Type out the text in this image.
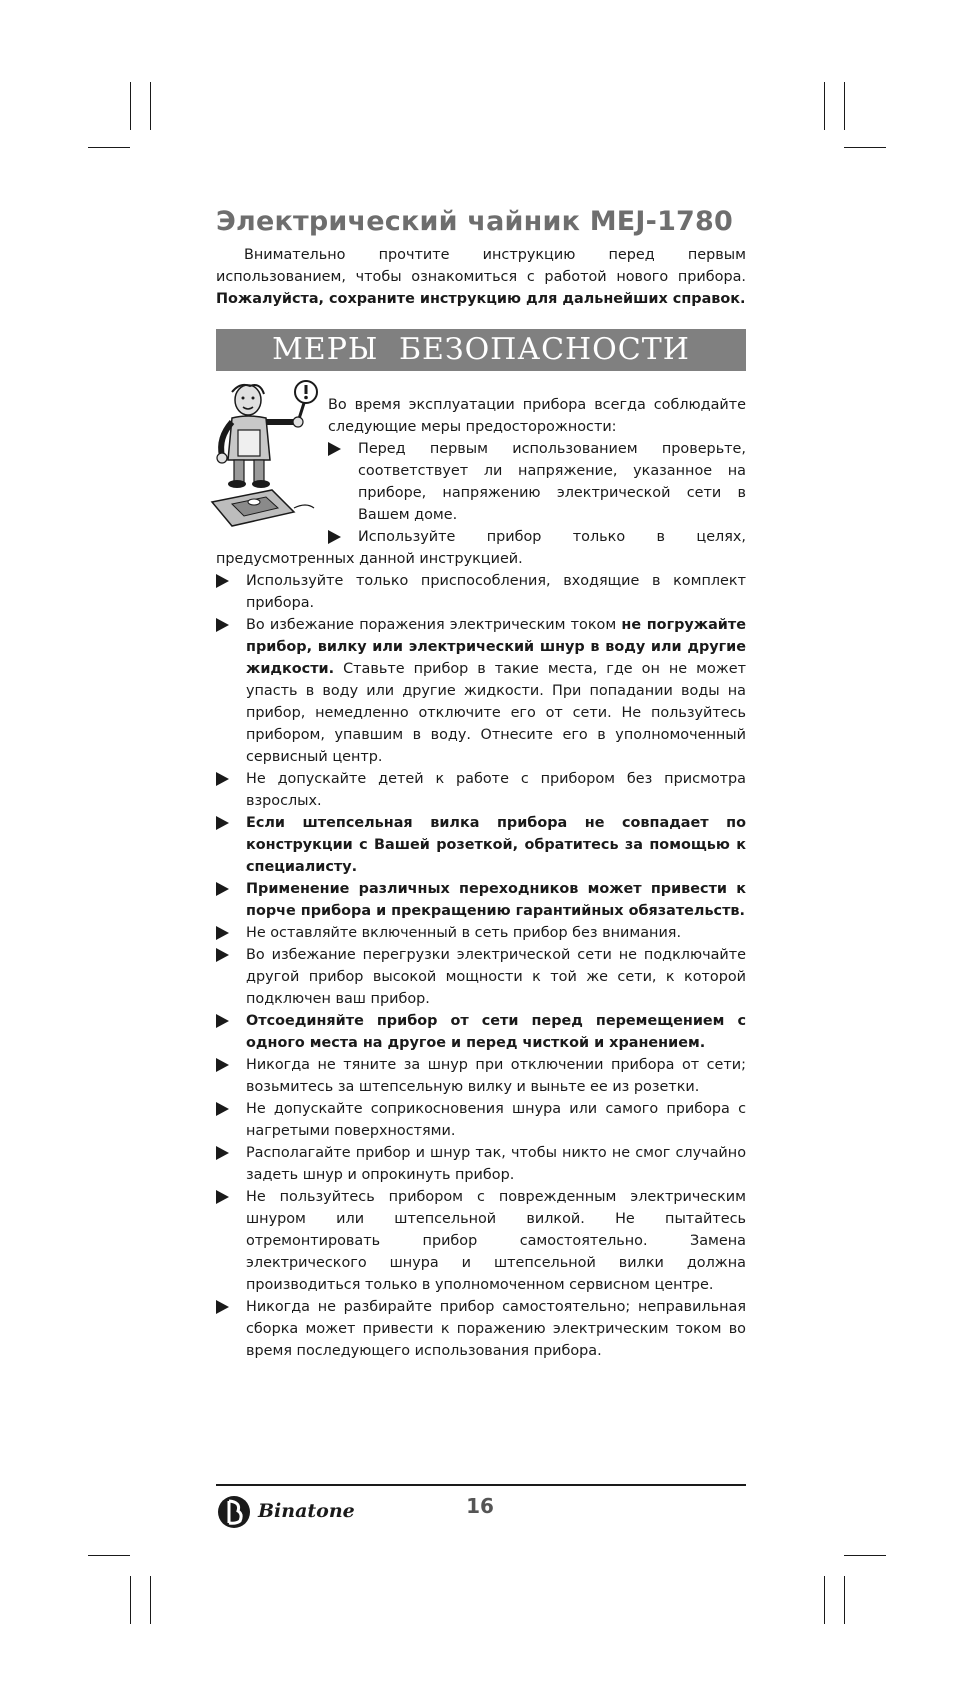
Электрический чайник MEJ-1780
Внимательно прочтите инструкцию перед первым использованием, чтобы ознакомиться с работой нового прибора. Пожалуйста, сохраните инструкцию для дальнейших справок.
МЕРЫ БЕЗОПАСНОСТИ
Во время эксплуатации прибора всегда соблюдайте следующие меры предосторожности:
Перед первым использованием проверьте, соответствует ли напряжение, указанное на приборе, напряжению электрической сети в Вашем доме.
Используйте прибор только в целях, предусмотренных данной инструкцией.
Используйте только приспособления, входящие в комплект прибора.
Во избежание поражения электрическим током не погружайте прибор, вилку или электрический шнур в воду или другие жидкости. Ставьте прибор в такие места, где он не может упасть в воду или другие жидкости. При попадании воды на прибор, немедленно отключите его от сети. Не пользуйтесь прибором, упавшим в воду. Отнесите его в уполномоченный сервисный центр.
Не допускайте детей к работе с прибором без присмотра взрослых.
Если штепсельная вилка прибора не совпадает по конструкции с Вашей розеткой, обратитесь за помощью к специалисту.
Применение различных переходников может привести к порче прибора и прекращению гарантийных обязательств.
Не оставляйте включенный в сеть прибор без внимания.
Во избежание перегрузки электрической сети не подключайте другой прибор высокой мощности к той же сети, к которой подключен ваш прибор.
Отсоединяйте прибор от сети перед перемещением с одного места на другое и перед чисткой и хранением.
Никогда не тяните за шнур при отключении прибора от сети; возьмитесь за штепсельную вилку и выньте ее из розетки.
Не допускайте соприкосновения шнура или самого прибора с нагретыми поверхностями.
Располагайте прибор и шнур так, чтобы никто не смог случайно задеть шнур и опрокинуть прибор.
Не пользуйтесь прибором с поврежденным электрическим шнуром или штепсельной вилкой. Не пытайтесь отремонтировать прибор самостоятельно. Замена электрического шнура и штепсельной вилки должна производиться только в уполномоченном сервисном центре.
Никогда не разбирайте прибор самостоятельно; неправильная сборка может привести к поражению электрическим током во время последующего использования прибора.
Binatone	16
